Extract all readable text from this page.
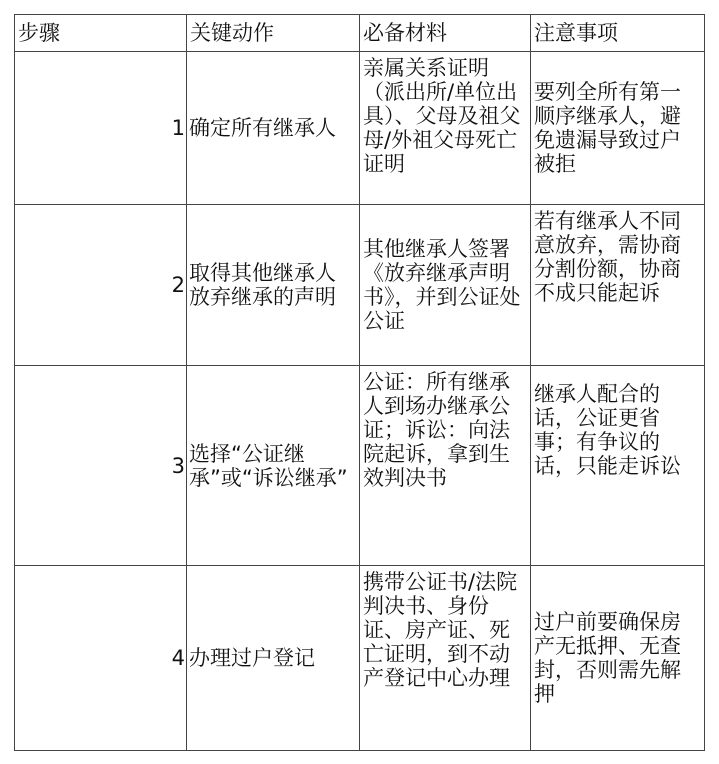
步骤	关键动作	必备材料	注意事项
1	确定所有继承人	亲属关系证明（派出所/单位出具）、父母及祖父母/外祖父母死亡证明	要列全所有第一顺序继承人，避免遗漏导致过户被拒
2	取得其他继承人放弃继承的声明	其他继承人签署《放弃继承声明书》，并到公证处公证	若有继承人不同意放弃，需协商分割份额，协商不成只能起诉
3	选择“公证继承”或“诉讼继承”	公证：所有继承人到场办继承公证；诉讼：向法院起诉，拿到生效判决书	继承人配合的话，公证更省事；有争议的话，只能走诉讼
4	办理过户登记	携带公证书/法院判决书、身份证、房产证、死亡证明，到不动产登记中心办理	过户前要确保房产无抵押、无查封，否则需先解押
